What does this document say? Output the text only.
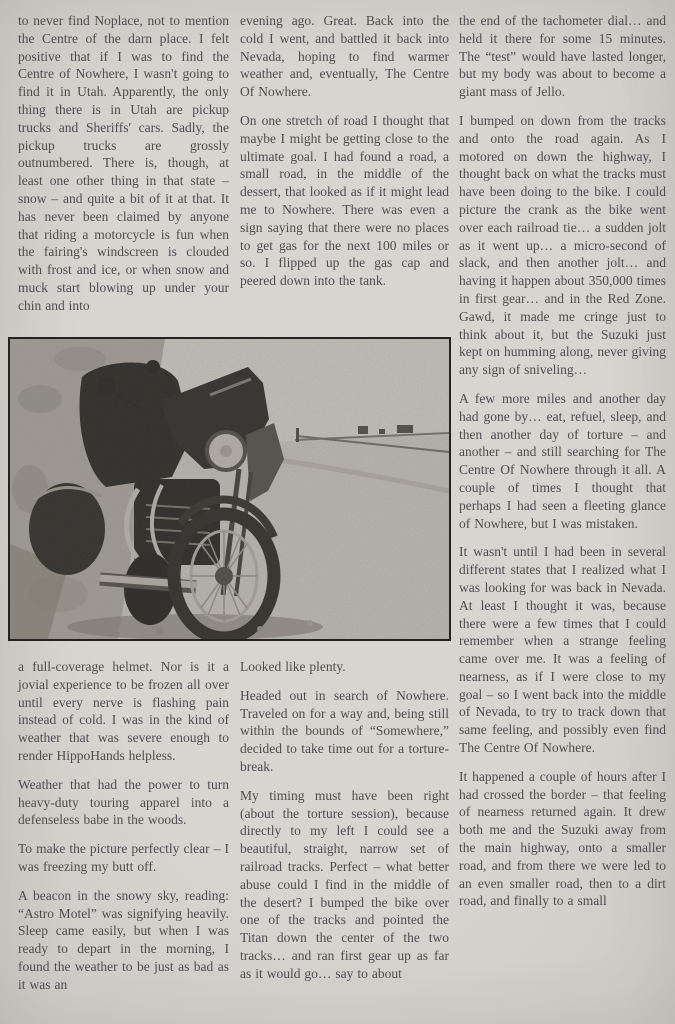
to never find Noplace, not to mention the Centre of the darn place. I felt positive that if I was to find the Centre of Nowhere, I wasn't going to find it in Utah. Apparently, the only thing there is in Utah are pickup trucks and Sheriffs' cars. Sadly, the pickup trucks are grossly outnumbered. There is, though, at least one other thing in that state – snow – and quite a bit of it at that. It has never been claimed by anyone that riding a motorcycle is fun when the fairing's windscreen is clouded with frost and ice, or when snow and muck start blowing up under your chin and into

evening ago. Great. Back into the cold I went, and battled it back into Nevada, hoping to find warmer weather and, eventually, The Centre Of Nowhere.

On one stretch of road I thought that maybe I might be getting close to the ultimate goal. I had found a road, a small road, in the middle of the dessert, that looked as if it might lead me to Nowhere. There was even a sign saying that there were no places to get gas for the next 100 miles or so. I flipped up the gas cap and peered down into the tank.

the end of the tachometer dial… and held it there for some 15 minutes. The “test” would have lasted longer, but my body was about to become a giant mass of Jello.

I bumped on down from the tracks and onto the road again. As I motored on down the highway, I thought back on what the tracks must have been doing to the bike. I could picture the crank as the bike went over each railroad tie… a sudden jolt as it went up… a micro-second of slack, and then another jolt… and having it happen about 350,000 times in first gear… and in the Red Zone. Gawd, it made me cringe just to think about it, but the Suzuki just kept on humming along, never giving any sign of sniveling…

A few more miles and another day had gone by… eat, refuel, sleep, and then another day of torture – and another – and still searching for The Centre Of Nowhere through it all. A couple of times I thought that perhaps I had seen a fleeting glance of Nowhere, but I was mistaken.

It wasn't until I had been in several different states that I realized what I was looking for was back in Nevada. At least I thought it was, because there were a few times that I could remember when a strange feeling came over me. It was a feeling of nearness, as if I were close to my goal – so I went back into the middle of Nevada, to try to track down that same feeling, and possibly even find The Centre Of Nowhere.

It happened a couple of hours after I had crossed the border – that feeling of nearness returned again. It drew both me and the Suzuki away from the main highway, onto a smaller road, and from there we were led to an even smaller road, then to a dirt road, and finally to a small

a full-coverage helmet. Nor is it a jovial experience to be frozen all over until every nerve is flashing pain instead of cold. I was in the kind of weather that was severe enough to render HippoHands helpless.

Weather that had the power to turn heavy-duty touring apparel into a defenseless babe in the woods.

To make the picture perfectly clear – I was freezing my butt off.

A beacon in the snowy sky, reading: “Astro Motel” was signifying heavily. Sleep came easily, but when I was ready to depart in the morning, I found the weather to be just as bad as it was an

Looked like plenty.

Headed out in search of Nowhere. Traveled on for a way and, being still within the bounds of “Somewhere,” decided to take time out for a torture-break.

My timing must have been right (about the torture session), because directly to my left I could see a beautiful, straight, narrow set of railroad tracks. Perfect – what better abuse could I find in the middle of the desert? I bumped the bike over one of the tracks and pointed the Titan down the center of the two tracks… and ran first gear up as far as it would go… say to about
